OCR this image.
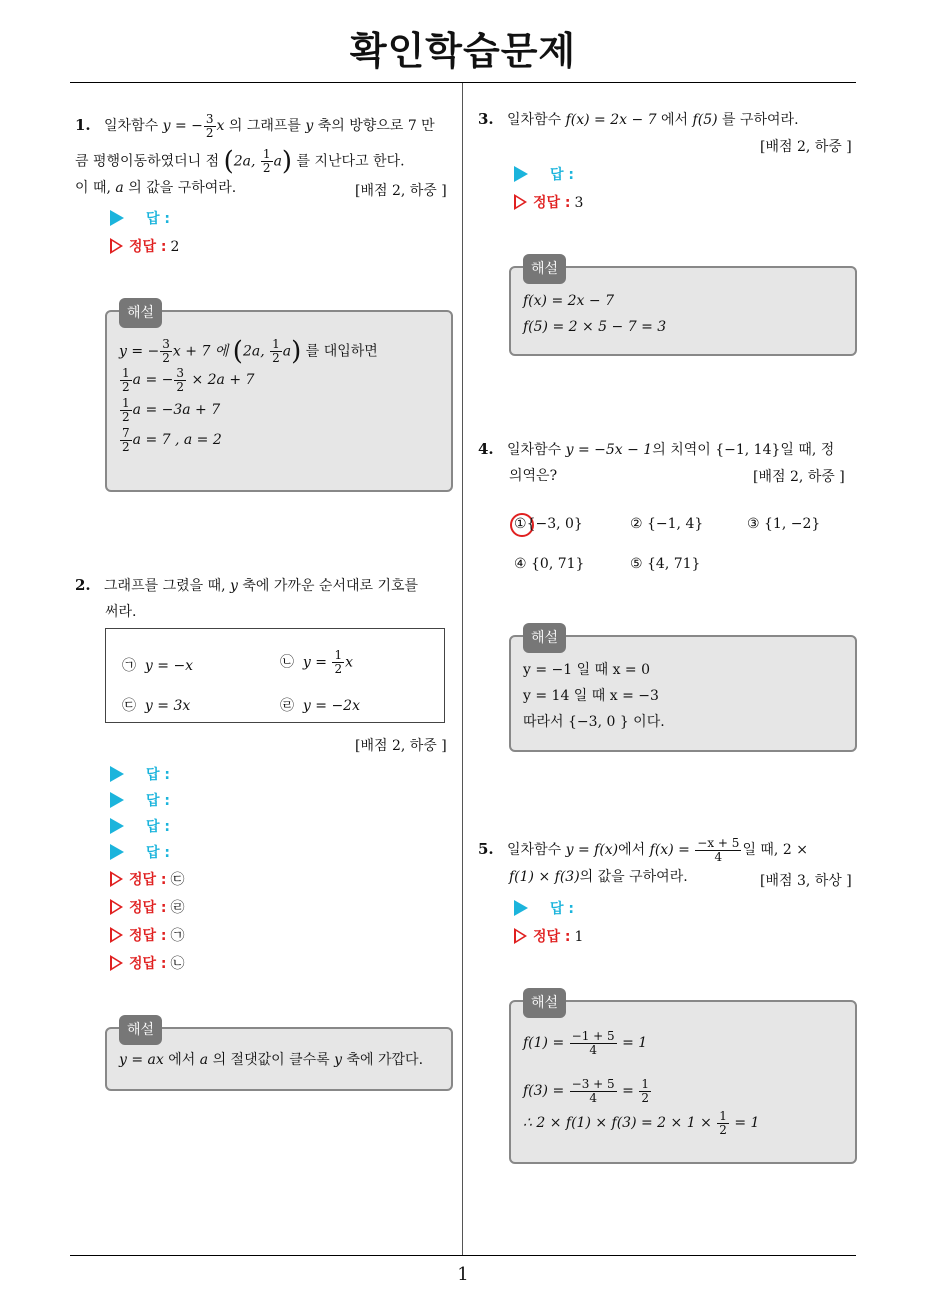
확인학습문제
1. 일차함수 y = − $\frac{3}{2}$ x 의 그래프를 y 축의 방향으로 7 만
큼 평행이동하였더니 점 (2a, $\frac{1}{2} a$) 를 지난다고 한다.
이 때, a 의 값을 구하여라.	[배점 2, 하중 ]
답 :
정답 : 2
해설
y = − $\frac{3}{2}$ x + 7 에 (2a, $\frac{1}{2} a$) 를 대입하면
$\frac{1}{2}$ a = − $\frac{3}{2} \times 2a + 7$
$\frac{1}{2}$ a = −3a + 7
$\frac{7}{2}$ a = 7 , a = 2
2. 그래프를 그렸을 때, y 축에 가까운 순서대로 기호를
써라.
㉠ y = −x	㉡ $y = \frac{1}{2}$ x
㉢ y = 3x	㉣ y = −2x
[배점 2, 하중 ]
답 :
답 :
답 :
답 :
정답 : ㉢
정답 : ㉣
정답 : ㉠
정답 : ㉡
해설
y = ax 에서 a 의 절댓값이 클수록 y 축에 가깝다.
3. 일차함수 f(x) = 2x − 7 에서 f(5) 를 구하여라.
[배점 2, 하중 ]
답 :
정답 : 3
해설
f(x) = 2x − 7
f(5) = 2 × 5 − 7 = 3
4. 일차함수 y = −5x − 1의 치역이 {−1, 14}일 때, 정
의역은?	[배점 2, 하중 ]
①{−3, 0}	② {−1, 4}	③ {1, −2}
④ {0, 71}	⑤ {4, 71}
해설
y = −1 일 때 x = 0
y = 14 일 때 x = −3
따라서 {−3, 0 } 이다.
5. 일차함수 y = f(x)에서 $f(x) = \frac{-x + 5}{4}$ 일 때, 2 ×
f(1) × f(3)의 값을 구하여라.	[배점 3, 하상 ]
답 :
정답 : 1
해설
$f(1) = \frac{-1 + 5}{4} = 1$
$f(3) = \frac{-3 + 5}{4} = \frac{1}{2}$
∴ $2 \times f(1) \times f(3) = 2 \times 1 \times \frac{1}{2} = 1$
1
